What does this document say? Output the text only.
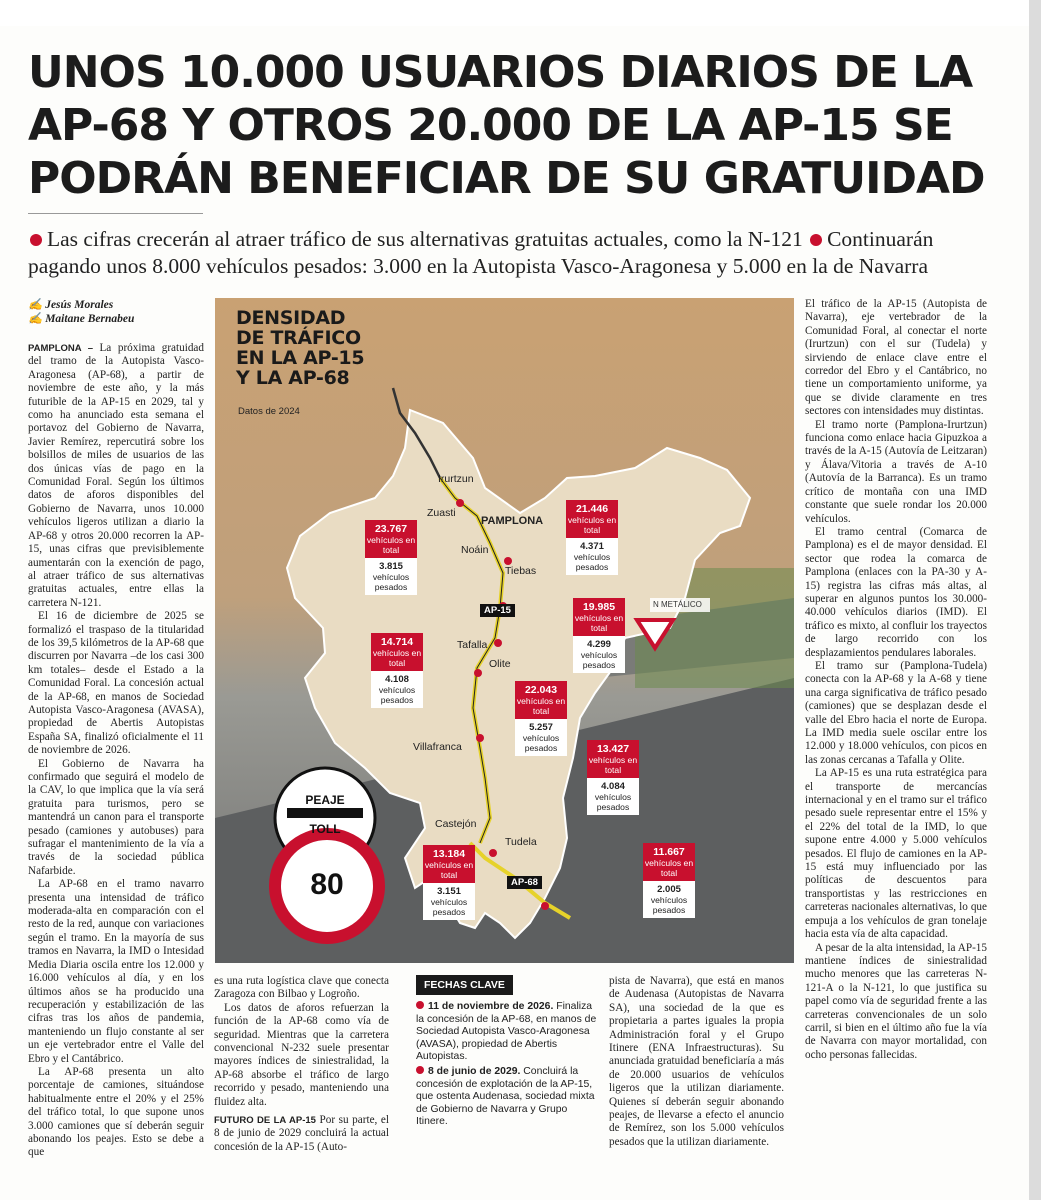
UNOS 10.000 USUARIOS DIARIOS DE LA AP-68 Y OTROS 20.000 DE LA AP-15 SE PODRÁN BENEFICIAR DE SU GRATUIDAD

Las cifras crecerán al atraer tráfico de sus alternativas gratuitas actuales, como la N-121 Continuarán pagando unos 8.000 vehículos pesados: 3.000 en la Autopista Vasco-Aragonesa y 5.000 en la de Navarra

✍ Jesús Morales
✍ Maitane Bernabeu

PAMPLONA – La próxima gratuidad del tramo de la Autopista Vasco-Aragonesa (AP-68), a partir de noviembre de este año, y la más futurible de la AP-15 en 2029, tal y como ha anunciado esta semana el portavoz del Gobierno de Navarra, Javier Remírez, repercutirá sobre los bolsillos de miles de usuarios de las dos únicas vías de pago en la Comunidad Foral. Según los últimos datos de aforos disponibles del Gobierno de Navarra, unos 10.000 vehículos ligeros utilizan a diario la AP-68 y otros 20.000 recorren la AP-15, unas cifras que previsiblemente aumentarán con la exención de pago, al atraer tráfico de sus alternativas gratuitas actuales, entre ellas la carretera N-121.

El 16 de diciembre de 2025 se formalizó el traspaso de la titularidad de los 39,5 kilómetros de la AP-68 que discurren por Navarra –de los casi 300 km totales– desde el Estado a la Comunidad Foral. La concesión actual de la AP-68, en manos de Sociedad Autopista Vasco-Aragonesa (AVASA), propiedad de Abertis Autopistas España SA, finalizó oficialmente el 11 de noviembre de 2026.

El Gobierno de Navarra ha confirmado que seguirá el modelo de la CAV, lo que implica que la vía será gratuita para turismos, pero se mantendrá un canon para el transporte pesado (camiones y autobuses) para sufragar el mantenimiento de la vía a través de la sociedad pública Nafarbide.

La AP-68 en el tramo navarro presenta una intensidad de tráfico moderada-alta en comparación con el resto de la red, aunque con variaciones según el tramo. En la mayoría de sus tramos en Navarra, la IMD o Intesidad Media Diaria oscila entre los 12.000 y 16.000 vehículos al día, y en los últimos años se ha producido una recuperación y estabilización de las cifras tras los años de pandemia, manteniendo un flujo constante al ser un eje vertebrador entre el Valle del Ebro y el Cantábrico.

La AP-68 presenta un alto porcentaje de camiones, situándose habitualmente entre el 20% y el 25% del tráfico total, lo que supone unos 3.000 camiones que sí deberán seguir abonando los peajes. Esto se debe a que

DENSIDAD
DE TRÁFICO
EN LA AP-15
Y LA AP-68
Datos de 2024
Irurtzun
Zuasti
PAMPLONA
Noáin
Tiebas
Tafalla
Olite
Villafranca
Castejón
Tudela
AP-15
AP-68
23.767
vehículos en total
3.815
vehículos pesados
21.446
vehículos en total
4.371
vehículos pesados
19.985
vehículos en total
4.299
vehículos pesados
14.714
vehículos en total
4.108
vehículos pesados
22.043
vehículos en total
5.257
vehículos pesados	13.427
vehículos en total
4.084
vehículos pesados
13.184
vehículos en total
3.151
vehículos pesados
11.667
vehículos en total
2.005
vehículos pesados
PEAJE
TOLL
80
N METÁLICO

es una ruta logística clave que conecta Zaragoza con Bilbao y Logroño.

Los datos de aforos refuerzan la función de la AP-68 como vía de seguridad. Mientras que la carretera convencional N-232 suele presentar mayores índices de siniestralidad, la AP-68 absorbe el tráfico de largo recorrido y pesado, manteniendo una fluidez alta.

FUTURO DE LA AP-15 Por su parte, el 8 de junio de 2029 concluirá la actual concesión de la AP-15 (Auto-

FECHAS CLAVE
11 de noviembre de 2026. Finaliza la concesión de la AP-68, en manos de Sociedad Autopista Vasco-Aragonesa (AVASA), propiedad de Abertis Autopistas.
8 de junio de 2029. Concluirá la concesión de explotación de la AP-15, que ostenta Audenasa, sociedad mixta de Gobierno de Navarra y Grupo Itinere.

pista de Navarra), que está en manos de Audenasa (Autopistas de Navarra SA), una sociedad de la que es propietaria a partes iguales la propia Administración foral y el Grupo Itinere (ENA Infraestructuras). Su anunciada gratuidad beneficiaría a más de 20.000 usuarios de vehículos ligeros que la utilizan diariamente. Quienes sí deberán seguir abonando peajes, de llevarse a efecto el anuncio de Remírez, son los 5.000 vehículos pesados que la utilizan diariamente.

El tráfico de la AP-15 (Autopista de Navarra), eje vertebrador de la Comunidad Foral, al conectar el norte (Irurtzun) con el sur (Tudela) y sirviendo de enlace clave entre el corredor del Ebro y el Cantábrico, no tiene un comportamiento uniforme, ya que se divide claramente en tres sectores con intensidades muy distintas.

El tramo norte (Pamplona-Irurtzun) funciona como enlace hacia Gipuzkoa a través de la A-15 (Autovía de Leitzaran) y Álava/Vitoria a través de A-10 (Autovía de la Barranca). Es un tramo crítico de montaña con una IMD constante que suele rondar los 20.000 vehículos.

El tramo central (Comarca de Pamplona) es el de mayor densidad. El sector que rodea la comarca de Pamplona (enlaces con la PA-30 y A-15) registra las cifras más altas, al superar en algunos puntos los 30.000-40.000 vehículos diarios (IMD). El tráfico es mixto, al confluir los trayectos de largo recorrido con los desplazamientos pendulares laborales.

El tramo sur (Pamplona-Tudela) conecta con la AP-68 y la A-68 y tiene una carga significativa de tráfico pesado (camiones) que se desplazan desde el valle del Ebro hacia el norte de Europa. La IMD media suele oscilar entre los 12.000 y 18.000 vehículos, con picos en las zonas cercanas a Tafalla y Olite.

La AP-15 es una ruta estratégica para el transporte de mercancías internacional y en el tramo sur el tráfico pesado suele representar entre el 15% y el 22% del total de la IMD, lo que supone entre 4.000 y 5.000 vehículos pesados. El flujo de camiones en la AP-15 está muy influenciado por las políticas de descuentos para transportistas y las restricciones en carreteras nacionales alternativas, lo que empuja a los vehículos de gran tonelaje hacia esta vía de alta capacidad.

A pesar de la alta intensidad, la AP-15 mantiene índices de siniestralidad mucho menores que las carreteras N-121-A o la N-121, lo que justifica su papel como vía de seguridad frente a las carreteras convencionales de un solo carril, si bien en el último año fue la vía de Navarra con mayor mortalidad, con ocho personas fallecidas.
